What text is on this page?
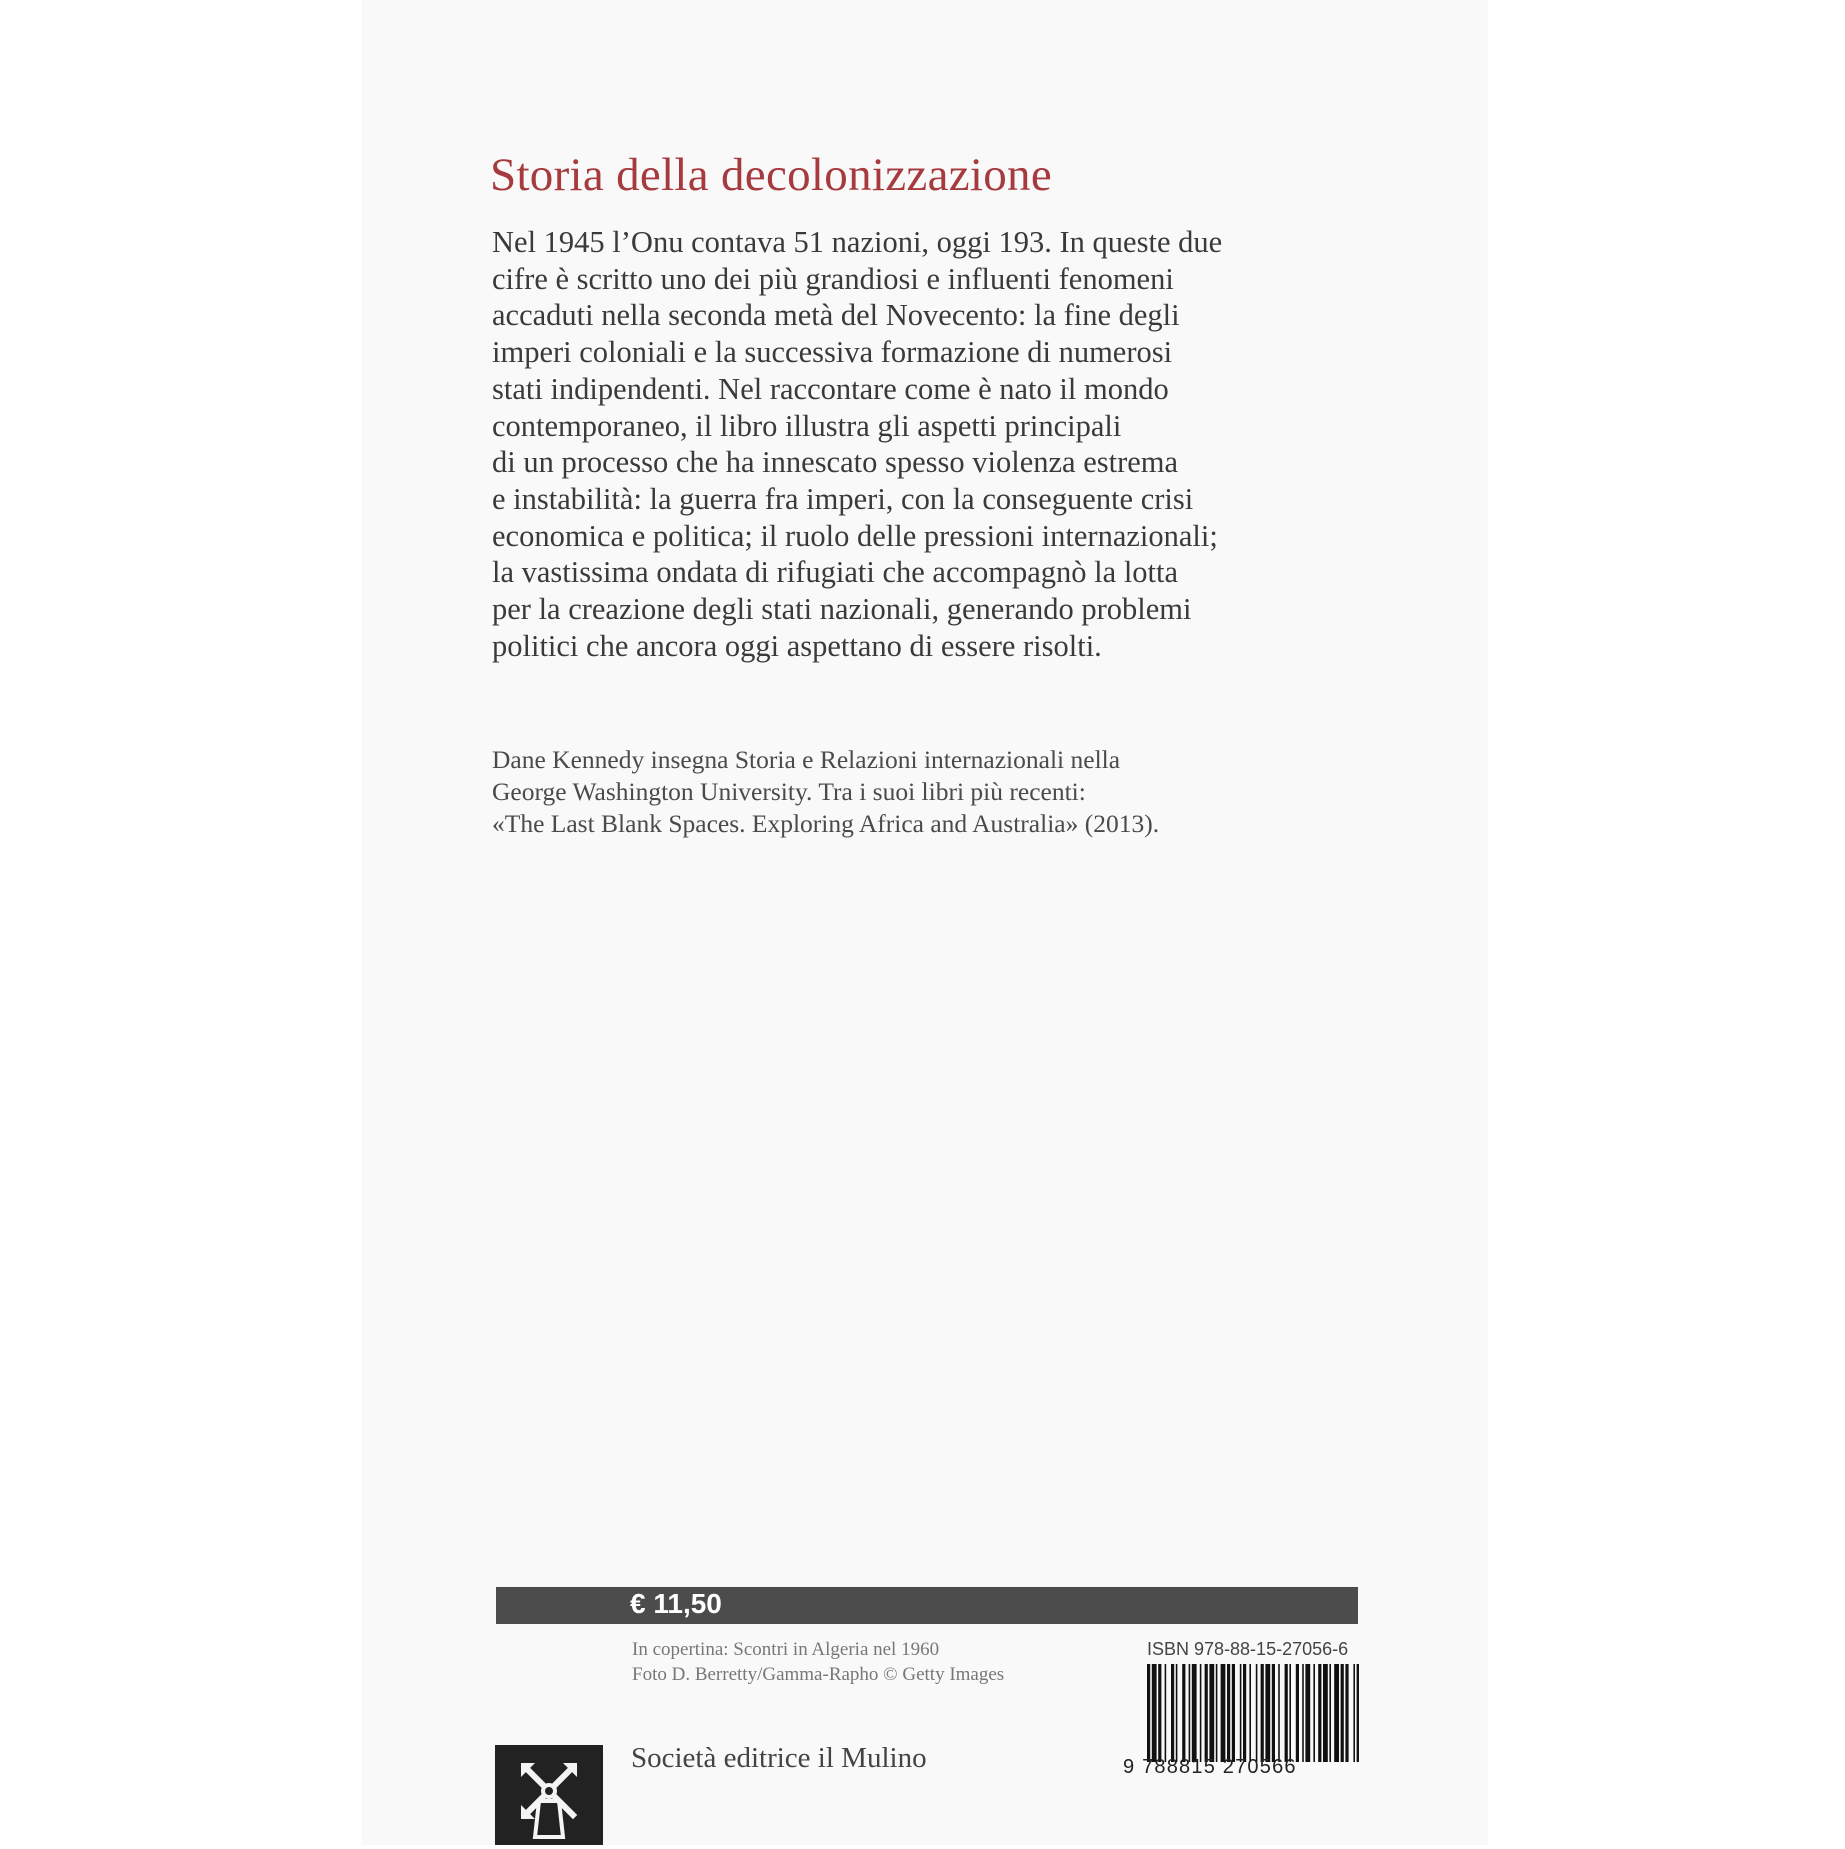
Storia della decolonizzazione

Nel 1945 l’Onu contava 51 nazioni, oggi 193. In queste due
cifre è scritto uno dei più grandiosi e influenti fenomeni
accaduti nella seconda metà del Novecento: la fine degli
imperi coloniali e la successiva formazione di numerosi
stati indipendenti. Nel raccontare come è nato il mondo
contemporaneo, il libro illustra gli aspetti principali
di un processo che ha innescato spesso violenza estrema
e instabilità: la guerra fra imperi, con la conseguente crisi
economica e politica; il ruolo delle pressioni internazionali;
la vastissima ondata di rifugiati che accompagnò la lotta
per la creazione degli stati nazionali, generando problemi
politici che ancora oggi aspettano di essere risolti.

Dane Kennedy insegna Storia e Relazioni internazionali nella
George Washington University. Tra i suoi libri più recenti:
«The Last Blank Spaces. Exploring Africa and Australia» (2013).

€ 11,50
In copertina: Scontri in Algeria nel 1960
Foto D. Berretty/Gamma-Rapho © Getty Images
ISBN 978-88-15-27056-6
9 788815 270566
Società editrice il Mulino
